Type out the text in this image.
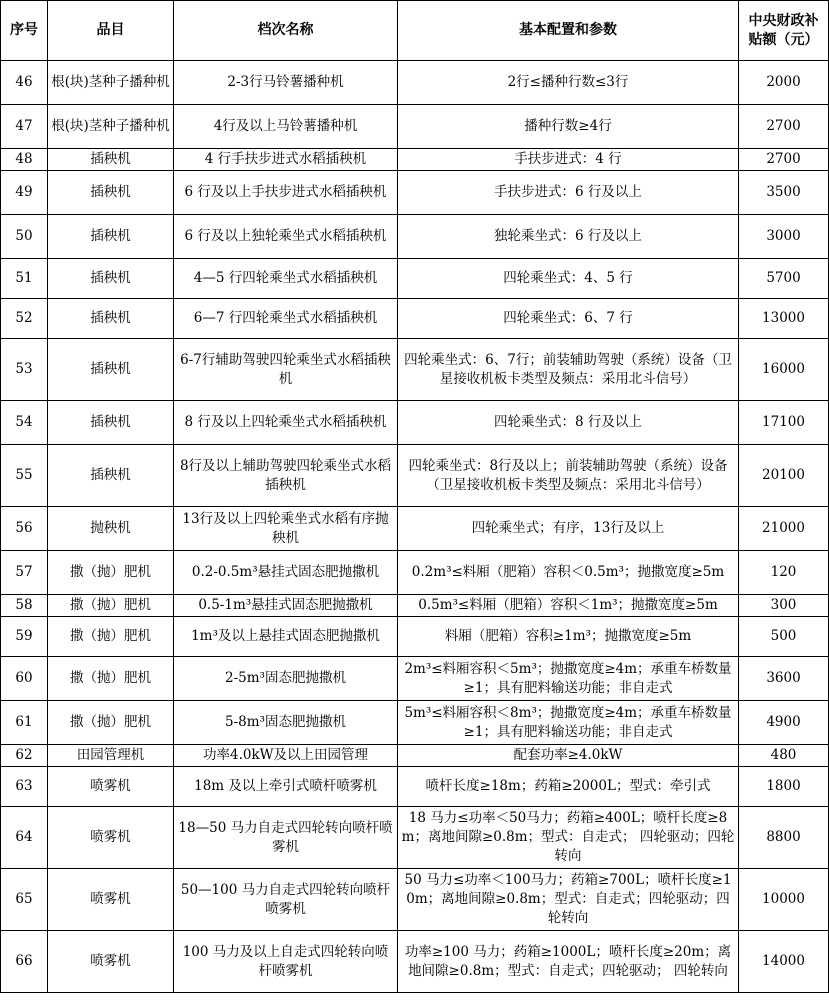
序号	品目	档次名称	基本配置和参数	中央财政补贴额（元）
46	根(块)茎种子播种机	2-3行马铃薯播种机	2行≤播种行数≤3行	2000
47	根(块)茎种子播种机	4行及以上马铃薯播种机	播种行数≥4行	2700
48	插秧机	4 行手扶步进式水稻插秧机	手扶步进式：4 行	2700
49	插秧机	6 行及以上手扶步进式水稻插秧机	手扶步进式：6 行及以上	3500
50	插秧机	6 行及以上独轮乘坐式水稻插秧机	独轮乘坐式：6 行及以上	3000
51	插秧机	4—5 行四轮乘坐式水稻插秧机	四轮乘坐式：4、5 行	5700
52	插秧机	6—7 行四轮乘坐式水稻插秧机	四轮乘坐式：6、7 行	13000
53	插秧机	6-7行辅助驾驶四轮乘坐式水稻插秧机	四轮乘坐式：6、7行；前装辅助驾驶（系统）设备（卫星接收机板卡类型及频点：采用北斗信号）	16000
54	插秧机	8 行及以上四轮乘坐式水稻插秧机	四轮乘坐式：8 行及以上	17100
55	插秧机	8行及以上辅助驾驶四轮乘坐式水稻插秧机	四轮乘坐式：8行及以上；前装辅助驾驶（系统）设备（卫星接收机板卡类型及频点：采用北斗信号）	20100
56	抛秧机	13行及以上四轮乘坐式水稻有序抛秧机	四轮乘坐式；有序，13行及以上	21000
57	撒（抛）肥机	0.2-0.5m³悬挂式固态肥抛撒机	0.2m³≤料厢（肥箱）容积＜0.5m³；抛撒宽度≥5m	120
58	撒（抛）肥机	0.5-1m³悬挂式固态肥抛撒机	0.5m³≤料厢（肥箱）容积＜1m³；抛撒宽度≥5m	300
59	撒（抛）肥机	1m³及以上悬挂式固态肥抛撒机	料厢（肥箱）容积≥1m³；抛撒宽度≥5m	500
60	撒（抛）肥机	2-5m³固态肥抛撒机	2m³≤料厢容积＜5m³；抛撒宽度≥4m；承重车桥数量≥1；具有肥料输送功能；非自走式	3600
61	撒（抛）肥机	5-8m³固态肥抛撒机	5m³≤料厢容积＜8m³；抛撒宽度≥4m；承重车桥数量≥1；具有肥料输送功能；非自走式	4900
62	田园管理机	功率4.0kW及以上田园管理	配套功率≥4.0kW	480
63	喷雾机	18m 及以上牵引式喷杆喷雾机	喷杆长度≥18m；药箱≥2000L；型式：牵引式	1800
64	喷雾机	18—50 马力自走式四轮转向喷杆喷雾机	18 马力≤功率＜50马力；药箱≥400L；喷杆长度≥8m；离地间隙≥0.8m；型式：自走式； 四轮驱动；四轮转向	8800
65	喷雾机	50—100 马力自走式四轮转向喷杆喷雾机	50 马力≤功率＜100马力；药箱≥700L；喷杆长度≥10m；离地间隙≥0.8m；型式：自走式；四轮驱动；四轮转向	10000
66	喷雾机	100 马力及以上自走式四轮转向喷杆喷雾机	功率≥100 马力；药箱≥1000L；喷杆长度≥20m；离地间隙≥0.8m；型式：自走式；四轮驱动； 四轮转向	14000
